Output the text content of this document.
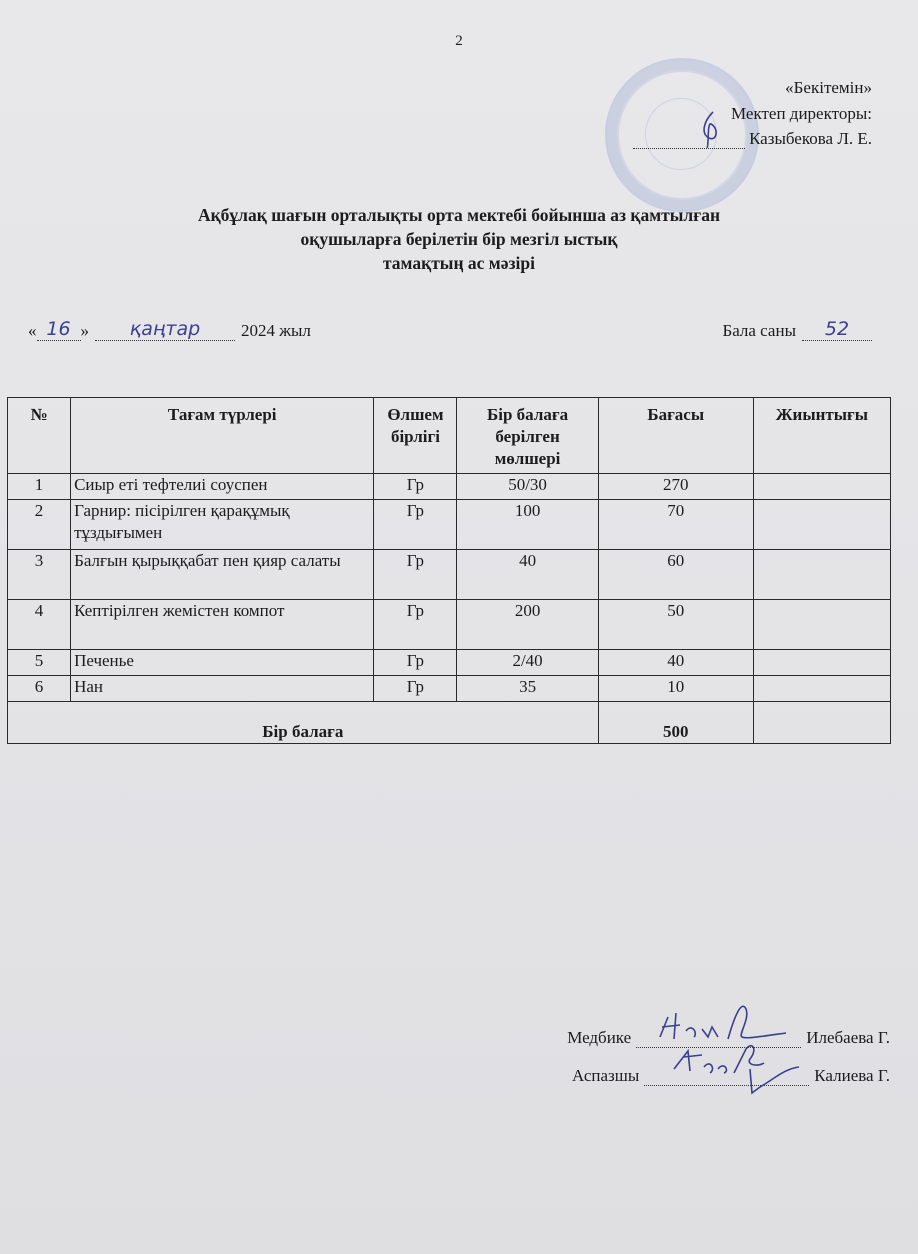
2
«Бекітемін»
Мектеп директоры:
Казыбекова Л. Е.
Ақбұлақ шағын орталықты орта мектебі бойынша аз қамтылған
оқушыларға берілетін бір мезгіл ыстық
тамақтың ас мәзірі
« 16 »	қаңтар	2024 жыл	Бала саны	52
№	Тағам түрлері	Өлшем бірлігі	Бір балаға берілген мөлшері	Бағасы	Жиынтығы
1	Сиыр еті тефтелиі соуспен	Гр	50/30	270	
2	Гарнир: пісірілген қарақұмық тұздығымен	Гр	100	70	
3	Балғын қырыққабат пен қияр салаты	Гр	40	60	
4	Кептірілген жемістен компот	Гр	200	50	
5	Печенье	Гр	2/40	40	
6	Нан	Гр	35	10	
Бір балаға				500	
Медбике	Илебаева Г.
Аспазшы	Калиева Г.
